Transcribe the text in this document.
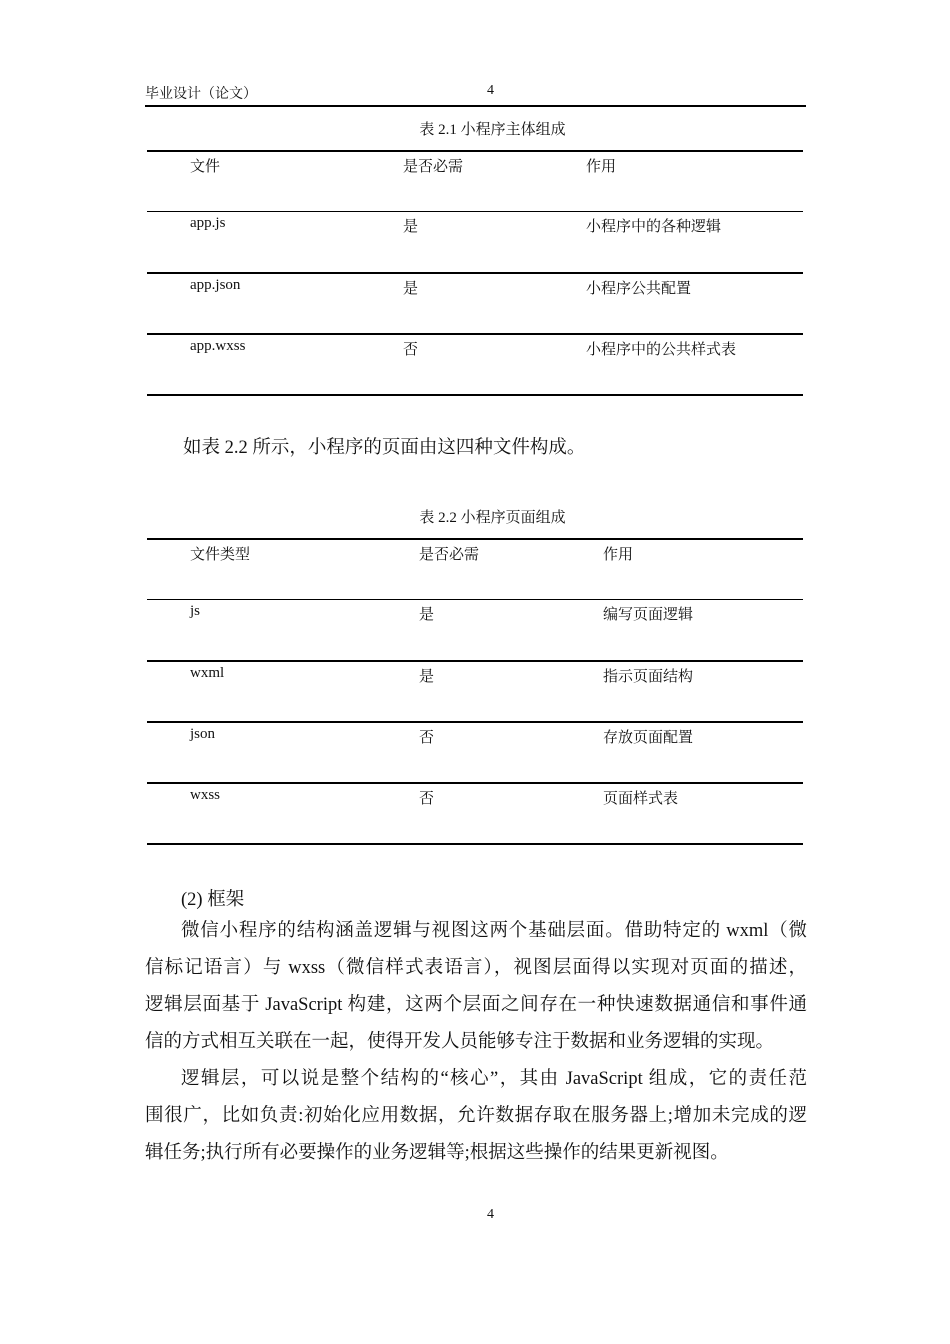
毕业设计（论文）	4
表 2.1 小程序主体组成
文件	是否必需	作用
app.js	是	小程序中的各种逻辑
app.json	是	小程序公共配置
app.wxss	否	小程序中的公共样式表
如表 2.2 所示，小程序的页面由这四种文件构成。
表 2.2 小程序页面组成
文件类型	是否必需	作用
js	是	编写页面逻辑
wxml	是	指示页面结构
json	否	存放页面配置
wxss	否	页面样式表
(2) 框架
微信小程序的结构涵盖逻辑与视图这两个基础层面。借助特定的 wxml（微
信标记语言）与 wxss（微信样式表语言），视图层面得以实现对页面的描述，
逻辑层面基于 JavaScript 构建，这两个层面之间存在一种快速数据通信和事件通
信的方式相互关联在一起，使得开发人员能够专注于数据和业务逻辑的实现。
逻辑层，可以说是整个结构的“核心”，其由 JavaScript 组成，它的责任范
围很广，比如负责:初始化应用数据，允许数据存取在服务器上;增加未完成的逻
辑任务;执行所有必要操作的业务逻辑等;根据这些操作的结果更新视图。
4
